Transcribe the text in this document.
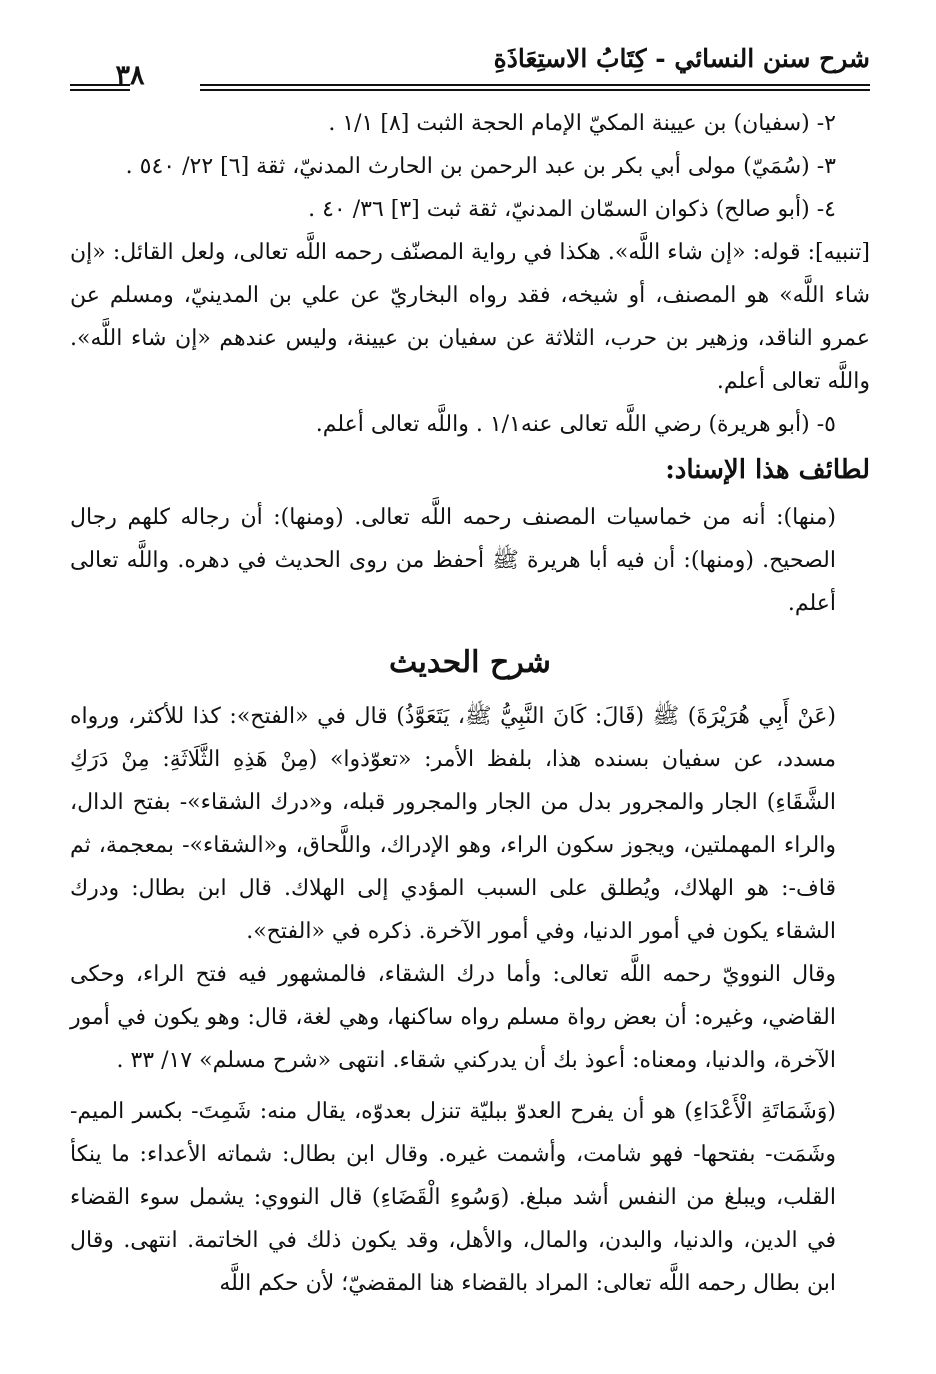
شرح سنن النسائي - كِتَابُ الاستِعَاذَةِ
٣٨

٢- (سفيان) بن عيينة المكيّ الإمام الحجة الثبت [٨] ١/١ .

٣- (سُمَيّ) مولى أبي بكر بن عبد الرحمن بن الحارث المدنيّ، ثقة [٦] ٢٢/ ٥٤٠ .

٤- (أبو صالح) ذكوان السمّان المدنيّ، ثقة ثبت [٣] ٣٦/ ٤٠ .

[تنبيه]: قوله: «إن شاء اللَّه». هكذا في رواية المصنّف رحمه اللَّه تعالى، ولعل القائل: «إن شاء اللَّه» هو المصنف، أو شيخه، فقد رواه البخاريّ عن علي بن المدينيّ، ومسلم عن عمرو الناقد، وزهير بن حرب، الثلاثة عن سفيان بن عيينة، وليس عندهم «إن شاء اللَّه». واللَّه تعالى أعلم.

٥- (أبو هريرة) رضي اللَّه تعالى عنه١/١ . واللَّه تعالى أعلم.

لطائف هذا الإسناد:

(منها): أنه من خماسيات المصنف رحمه اللَّه تعالى. (ومنها): أن رجاله كلهم رجال الصحيح. (ومنها): أن فيه أبا هريرة ﷺ أحفظ من روى الحديث في دهره. واللَّه تعالى أعلم.

شرح الحديث

(عَنْ أَبِي هُرَيْرَةَ) ﷺ (قَالَ: كَانَ النَّبِيُّ ﷺ، يَتَعَوَّذُ) قال في «الفتح»: كذا للأكثر، ورواه مسدد، عن سفيان بسنده هذا، بلفظ الأمر: «تعوّذوا» (مِنْ هَذِهِ الثَّلَاثَةِ: مِنْ دَرَكِ الشَّقَاءِ) الجار والمجرور بدل من الجار والمجرور قبله، و«درك الشقاء»- بفتح الدال، والراء المهملتين، ويجوز سكون الراء، وهو الإدراك، واللَّحاق، و«الشقاء»- بمعجمة، ثم قاف-: هو الهلاك، ويُطلق على السبب المؤدي إلى الهلاك. قال ابن بطال: ودرك الشقاء يكون في أمور الدنيا، وفي أمور الآخرة. ذكره في «الفتح».

وقال النوويّ رحمه اللَّه تعالى: وأما درك الشقاء، فالمشهور فيه فتح الراء، وحكى القاضي، وغيره: أن بعض رواة مسلم رواه ساكنها، وهي لغة، قال: وهو يكون في أمور الآخرة، والدنيا، ومعناه: أعوذ بك أن يدركني شقاء. انتهى «شرح مسلم» ١٧/ ٣٣ .

(وَشَمَاتَةِ الْأَعْدَاءِ) هو أن يفرح العدوّ ببليّة تنزل بعدوّه، يقال منه: شَمِتَ- بكسر الميم- وشَمَت- بفتحها- فهو شامت، وأشمت غيره. وقال ابن بطال: شماته الأعداء: ما ينكأ القلب، ويبلغ من النفس أشد مبلغ. (وَسُوءِ الْقَضَاءِ) قال النووي: يشمل سوء القضاء في الدين، والدنيا، والبدن، والمال، والأهل، وقد يكون ذلك في الخاتمة. انتهى. وقال ابن بطال رحمه اللَّه تعالى: المراد بالقضاء هنا المقضيّ؛ لأن حكم اللَّه
